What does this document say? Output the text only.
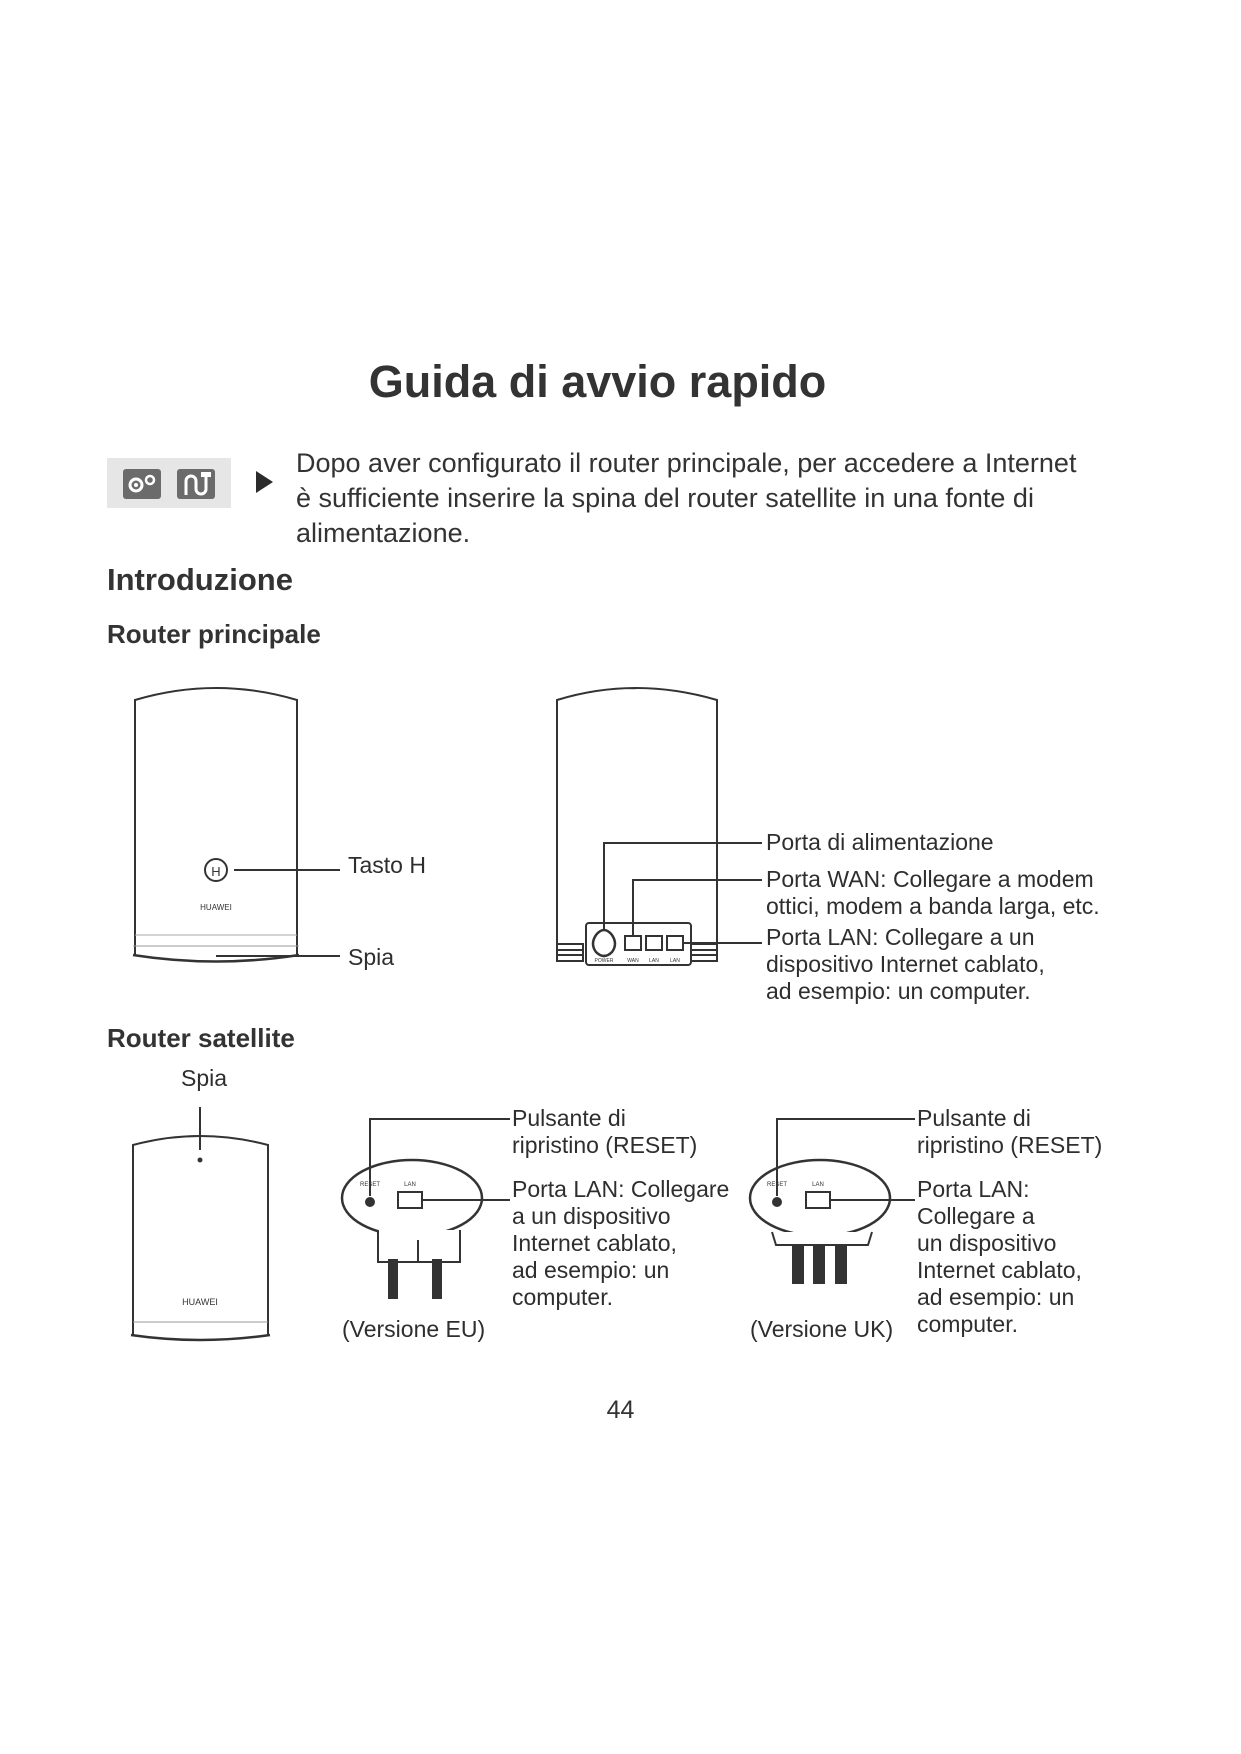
Guida di avvio rapido
Dopo aver configurato il router principale, per accedere a Internet
è sufficiente inserire la spina del router satellite in una fonte di
alimentazione.
Introduzione
Router principale
Router satellite
H
HUAWEI
POWER	WAN LAN LAN
HUAWEI
RESET	LAN	RESET	LAN
Tasto H
Spia
Porta di alimentazione
Porta WAN: Collegare a modem
ottici, modem a banda larga, etc.
Porta LAN: Collegare a un
dispositivo Internet cablato,
ad esempio: un computer.
Spia
Pulsante di
ripristino (RESET)
Porta LAN: Collegare
a un dispositivo
Internet cablato,
ad esempio: un
computer.
(Versione EU)
Pulsante di
ripristino (RESET)
Porta LAN:
Collegare a
un dispositivo
Internet cablato,
ad esempio: un
computer.
(Versione UK)
44
